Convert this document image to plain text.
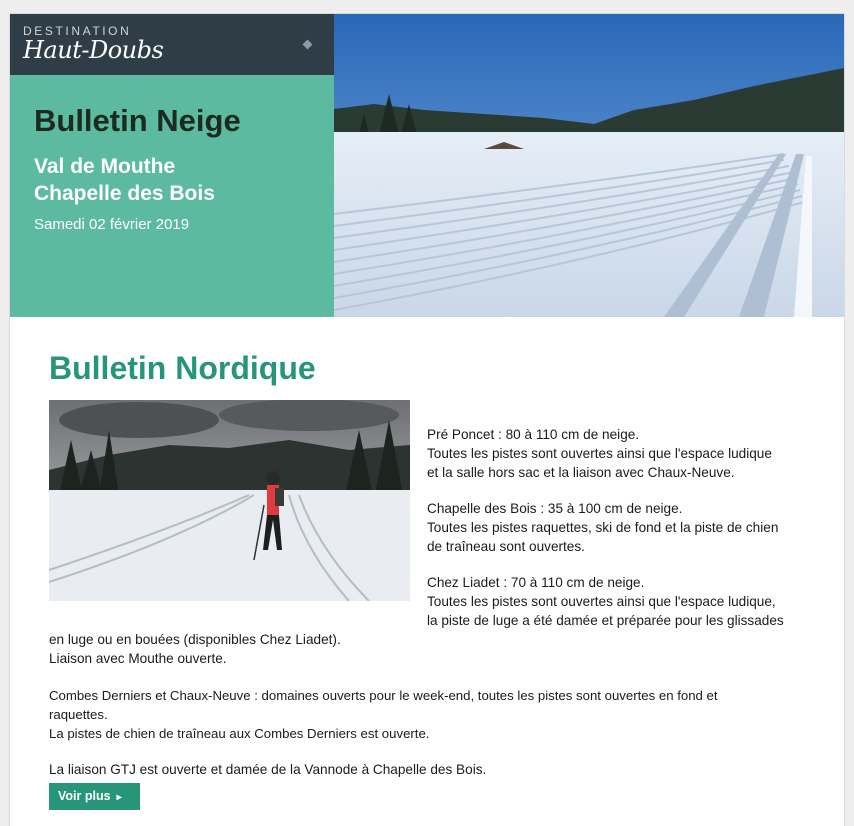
DESTINATION
Haut-Doubs
Bulletin Neige
Val de Mouthe
Chapelle des Bois
Samedi 02 février 2019
Bulletin Nordique

Pré Poncet : 80 à 110 cm de neige.

Toutes les pistes sont ouvertes ainsi que l'espace ludique

et la salle hors sac et la liaison avec Chaux-Neuve.

Chapelle des Bois : 35 à 100 cm de neige.

Toutes les pistes raquettes, ski de fond et la piste de chien

de traîneau sont ouvertes.

Chez Liadet : 70 à 110 cm de neige.

Toutes les pistes sont ouvertes ainsi que l'espace ludique,

la piste de luge a été damée et préparée pour les glissades

en luge ou en bouées (disponibles Chez Liadet).

Liaison avec Mouthe ouverte.

Combes Derniers et Chaux-Neuve : domaines ouverts pour le week-end, toutes les pistes sont ouvertes en fond et

raquettes.

La pistes de chien de traîneau aux Combes Derniers est ouverte.

La liaison GTJ est ouverte et damée de la Vannode à Chapelle des Bois.

Voir plus ▸
